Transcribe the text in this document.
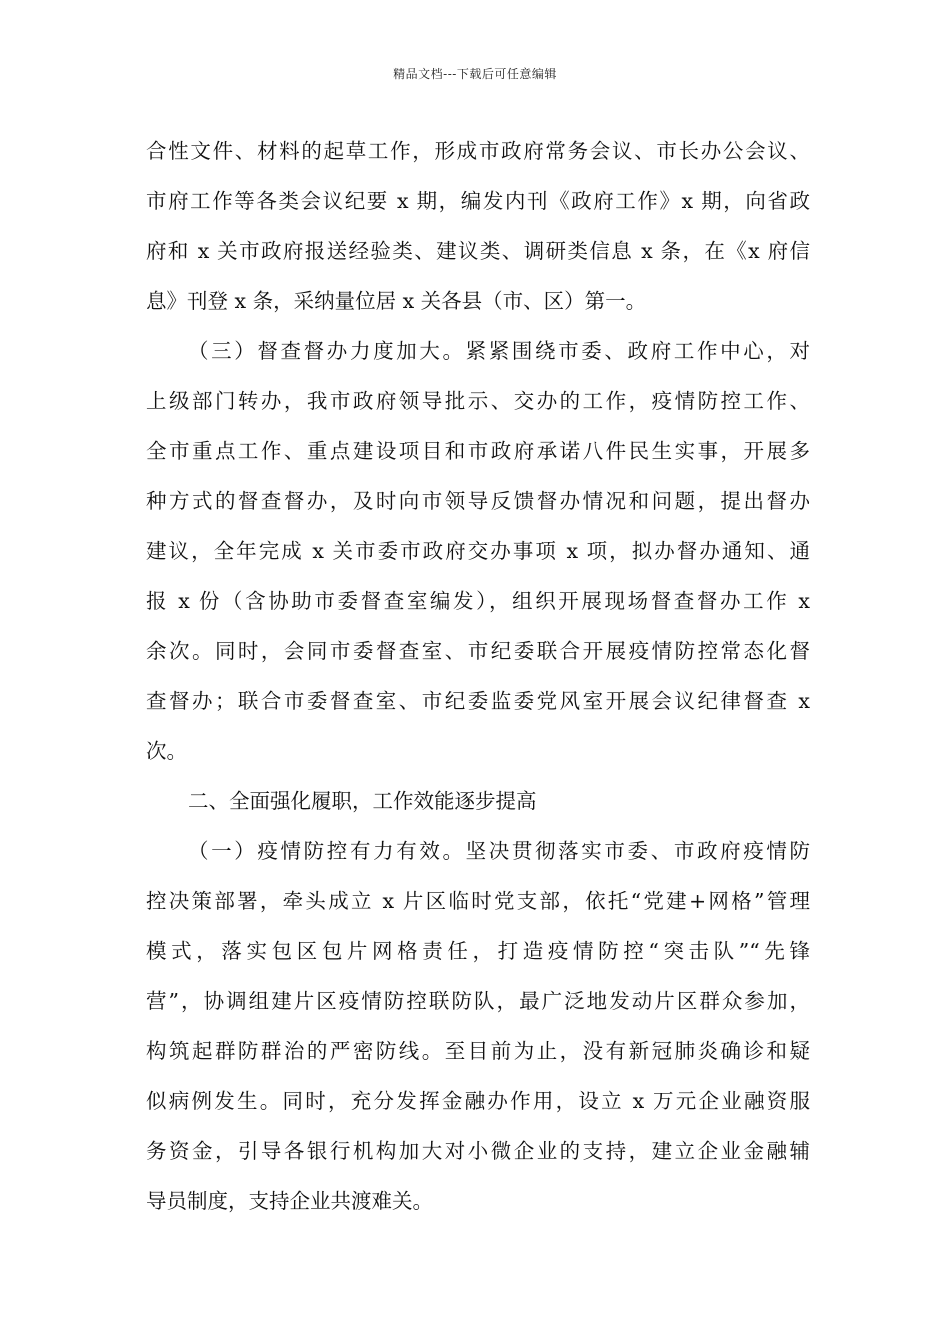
精品文档---下载后可任意编辑

合性文件、材料的起草工作，形成市政府常务会议、市长办公会议、
市府工作等各类会议纪要 x 期，编发内刊《政府工作》x 期，向省政
府和 x 关市政府报送经验类、建议类、调研类信息 x 条，在《x 府信
息》刊登 x 条，采纳量位居 x 关各县（市、区）第一。

（三）督查督办力度加大。紧紧围绕市委、政府工作中心，对
上级部门转办，我市政府领导批示、交办的工作，疫情防控工作、
全市重点工作、重点建设项目和市政府承诺八件民生实事，开展多
种方式的督查督办，及时向市领导反馈督办情况和问题，提出督办
建议，全年完成 x 关市委市政府交办事项 x 项，拟办督办通知、通
报 x 份（含协助市委督查室编发），组织开展现场督查督办工作 x
余次。同时，会同市委督查室、市纪委联合开展疫情防控常态化督
查督办；联合市委督查室、市纪委监委党风室开展会议纪律督查 x
次。

二、全面强化履职，工作效能逐步提高

（一）疫情防控有力有效。坚决贯彻落实市委、市政府疫情防
控决策部署，牵头成立 x 片区临时党支部，依托“党建+网格”管理
模式，落实包区包片网格责任，打造疫情防控“突击队”“先锋
营”，协调组建片区疫情防控联防队，最广泛地发动片区群众参加，
构筑起群防群治的严密防线。至目前为止，没有新冠肺炎确诊和疑
似病例发生。同时，充分发挥金融办作用，设立 x 万元企业融资服
务资金，引导各银行机构加大对小微企业的支持，建立企业金融辅
导员制度，支持企业共渡难关。
